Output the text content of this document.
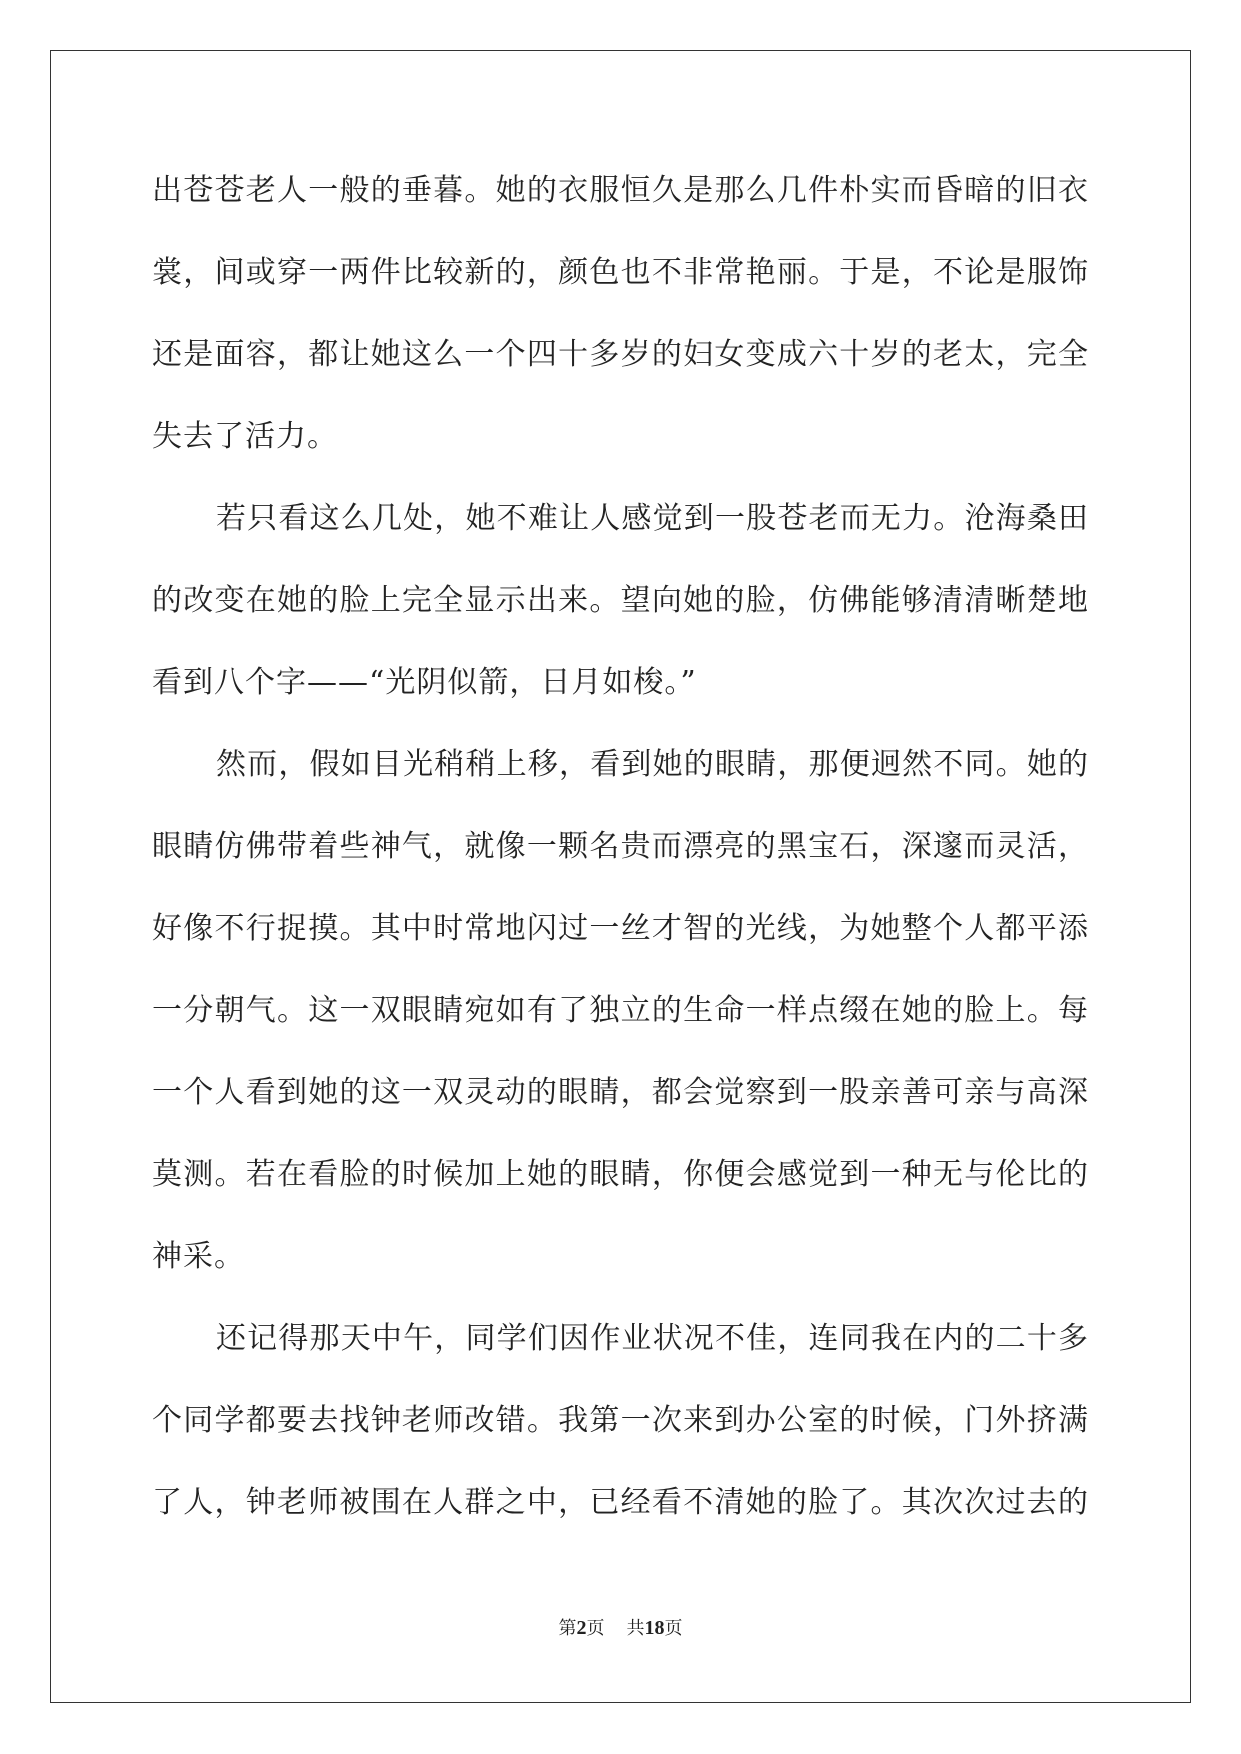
出苍苍老人一般的垂暮。她的衣服恒久是那么几件朴实而昏暗的旧衣
裳，间或穿一两件比较新的，颜色也不非常艳丽。于是，不论是服饰
还是面容，都让她这么一个四十多岁的妇女变成六十岁的老太，完全
失去了活力。
若只看这么几处，她不难让人感觉到一股苍老而无力。沧海桑田
的改变在她的脸上完全显示出来。望向她的脸，仿佛能够清清晰楚地
看到八个字——“光阴似箭，日月如梭。”
然而，假如目光稍稍上移，看到她的眼睛，那便迥然不同。她的
眼睛仿佛带着些神气，就像一颗名贵而漂亮的黑宝石，深邃而灵活，
好像不行捉摸。其中时常地闪过一丝才智的光线，为她整个人都平添
一分朝气。这一双眼睛宛如有了独立的生命一样点缀在她的脸上。每
一个人看到她的这一双灵动的眼睛，都会觉察到一股亲善可亲与高深
莫测。若在看脸的时候加上她的眼睛，你便会感觉到一种无与伦比的
神采。
还记得那天中午，同学们因作业状况不佳，连同我在内的二十多
个同学都要去找钟老师改错。我第一次来到办公室的时候，门外挤满
了人，钟老师被围在人群之中，已经看不清她的脸了。其次次过去的
第2页 共18页
